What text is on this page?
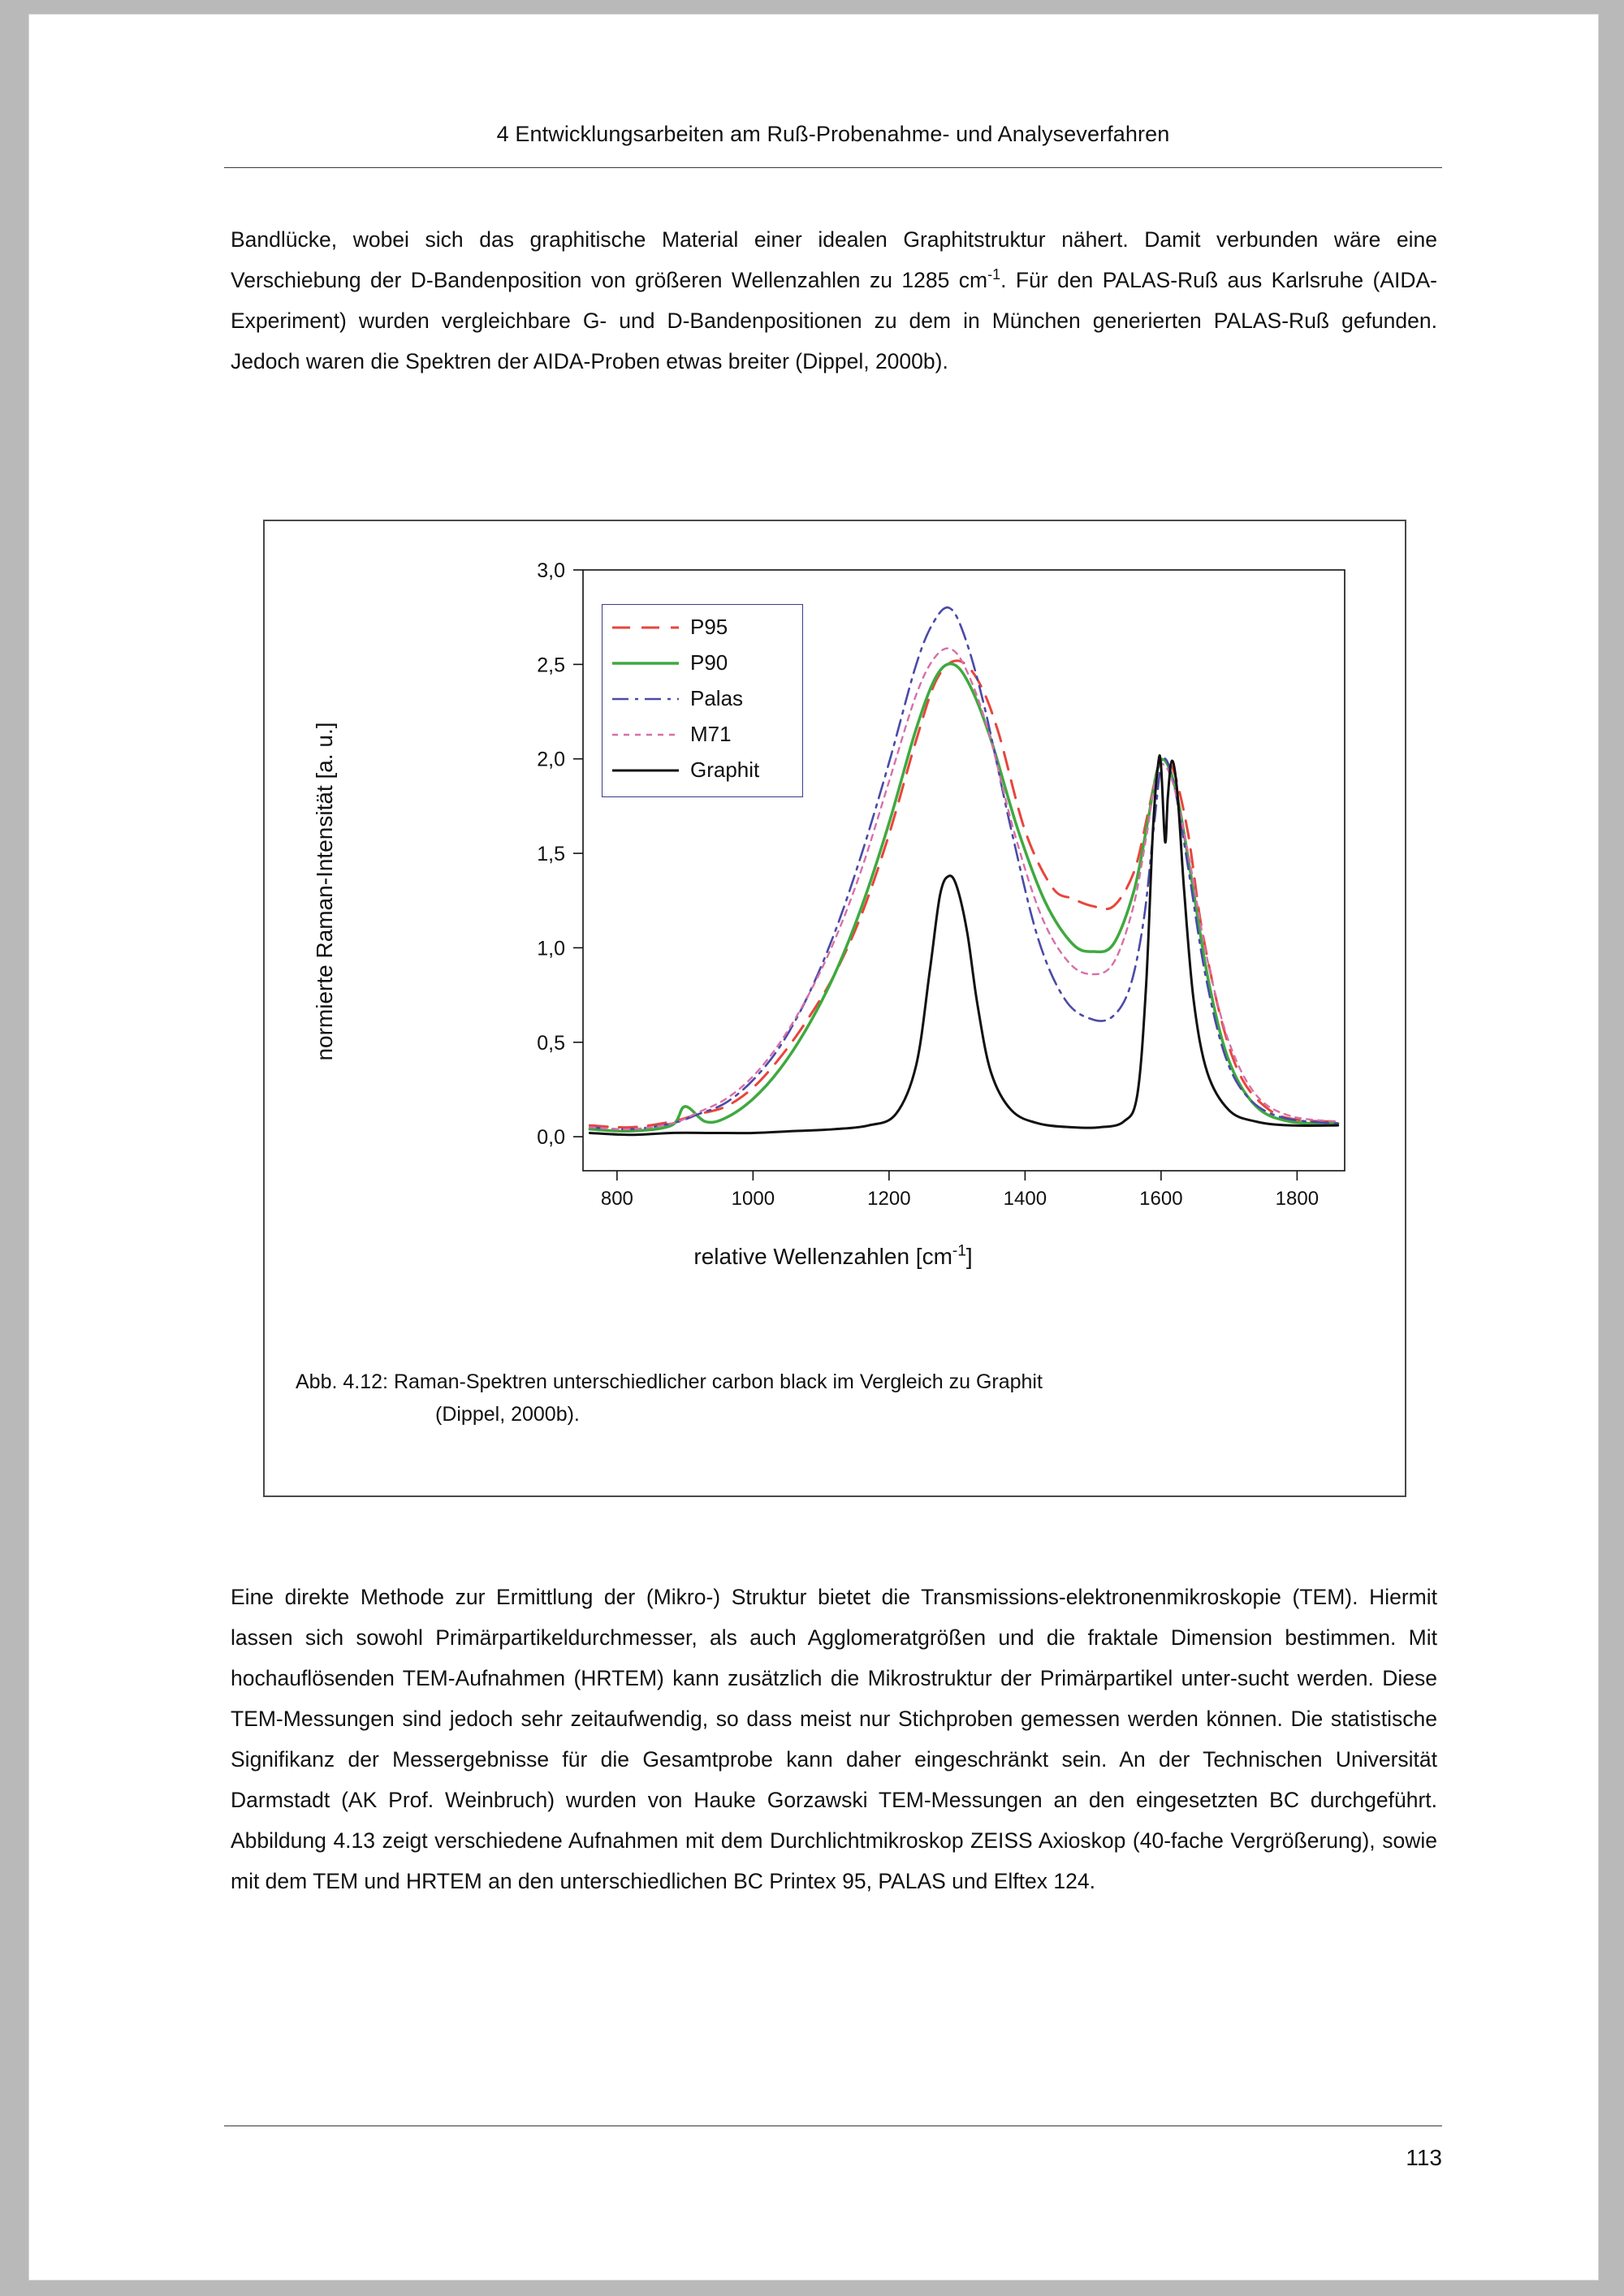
4 Entwicklungsarbeiten am Ruß-Probenahme- und Analyseverfahren

Bandlücke, wobei sich das graphitische Material einer idealen Graphitstruktur nähert. Damit verbunden wäre eine Verschiebung der D-Bandenposition von größeren Wellenzahlen zu 1285 $cm^{-1}$. Für den PALAS-Ruß aus Karlsruhe (AIDA-Experiment) wurden vergleichbare G- und D-Bandenpositionen zu dem in München generierten PALAS-Ruß gefunden. Jedoch waren die Spektren der AIDA-Proben etwas breiter (Dippel, 2000b).

normierte Raman-Intensität [a. u.]
relative Wellenzahlen $[cm^{-1}]$
0,0
0,5
1,0
1,5
2,0
2,5
3,0
800	1000	1200	1400	1600	1800
P95
P90
Palas
M71
Graphit
Abb. 4.12: Raman-Spektren unterschiedlicher carbon black im Vergleich zu Graphit
(Dippel, 2000b).

Eine direkte Methode zur Ermittlung der (Mikro-) Struktur bietet die Transmissions-elektronenmikroskopie (TEM). Hiermit lassen sich sowohl Primärpartikeldurchmesser, als auch Agglomeratgrößen und die fraktale Dimension bestimmen. Mit hochauflösenden TEM-Aufnahmen (HRTEM) kann zusätzlich die Mikrostruktur der Primärpartikel unter-sucht werden. Diese TEM-Messungen sind jedoch sehr zeitaufwendig, so dass meist nur Stichproben gemessen werden können. Die statistische Signifikanz der Messergebnisse für die Gesamtprobe kann daher eingeschränkt sein. An der Technischen Universität Darmstadt (AK Prof. Weinbruch) wurden von Hauke Gorzawski TEM-Messungen an den eingesetzten BC durchgeführt. Abbildung 4.13 zeigt verschiedene Aufnahmen mit dem Durchlichtmikroskop ZEISS Axioskop (40-fache Vergrößerung), sowie mit dem TEM und HRTEM an den unterschiedlichen BC Printex 95, PALAS und Elftex 124.

113
